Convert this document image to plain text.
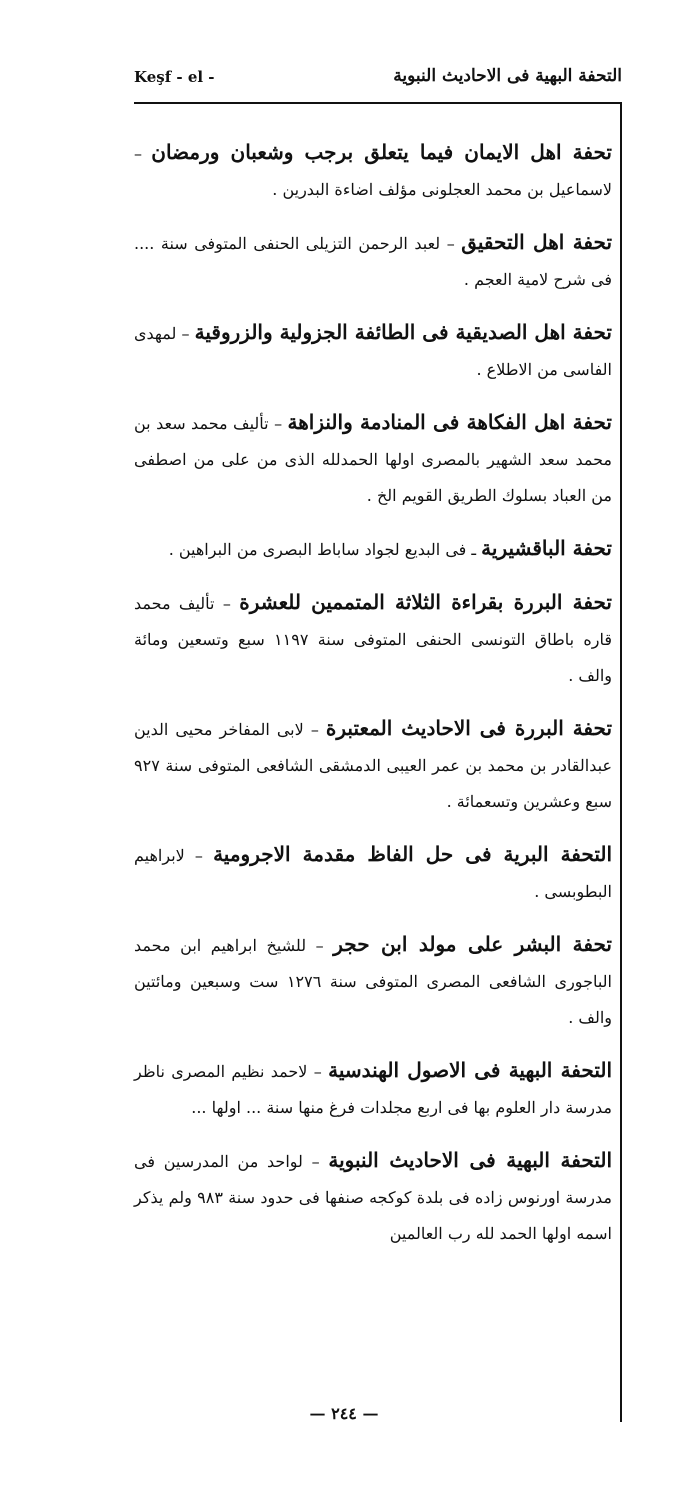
التحفة البهية فى الاحاديث النبوية
Keşf - el -

تحفة اهل الايمان فيما يتعلق برجب وشعبان ورمضان – لاسماعيل بن محمد العجلونى مؤلف اضاءة البدرين .

تحفة اهل التحقيق – لعبد الرحمن التزيلى الحنفى المتوفى سنة .... فى شرح لامية العجم .

تحفة اهل الصديقية فى الطائفة الجزولية والزروقية – لمهدى الفاسى من الاطلاع .

تحفة اهل الفكاهة فى المنادمة والنزاهة – تأليف محمد سعد بن محمد سعد الشهير بالمصرى اولها الحمدلله الذى من على من اصطفى من العباد بسلوك الطريق القويم الخ .

تحفة الباقشيرية ـ فى البديع لجواد ساباط البصرى من البراهين .

تحفة البررة بقراءة الثلاثة المتممين للعشرة – تأليف محمد قاره باطاق التونسى الحنفى المتوفى سنة ١١٩٧ سبع وتسعين ومائة والف .

تحفة البررة فى الاحاديث المعتبرة – لابى المفاخر محيى الدين عبدالقادر بن محمد بن عمر العيبى الدمشقى الشافعى المتوفى سنة ٩٢٧ سبع وعشرين وتسعمائة .

التحفة البرية فى حل الفاظ مقدمة الاجرومية – لابراهيم البطوبسى .

تحفة البشر على مولد ابن حجر – للشيخ ابراهيم ابن محمد الباجورى الشافعى المصرى المتوفى سنة ١٢٧٦ ست وسبعين ومائتين والف .

التحفة البهية فى الاصول الهندسية – لاحمد نظيم المصرى ناظر مدرسة دار العلوم بها فى اربع مجلدات فرغ منها سنة ... اولها ...

التحفة البهية فى الاحاديث النبوية – لواحد من المدرسين فى مدرسة اورنوس زاده فى بلدة كوكجه صنفها فى حدود سنة ٩٨٣ ولم يذكر اسمه اولها الحمد لله رب العالمين

— ٢٤٤ —
